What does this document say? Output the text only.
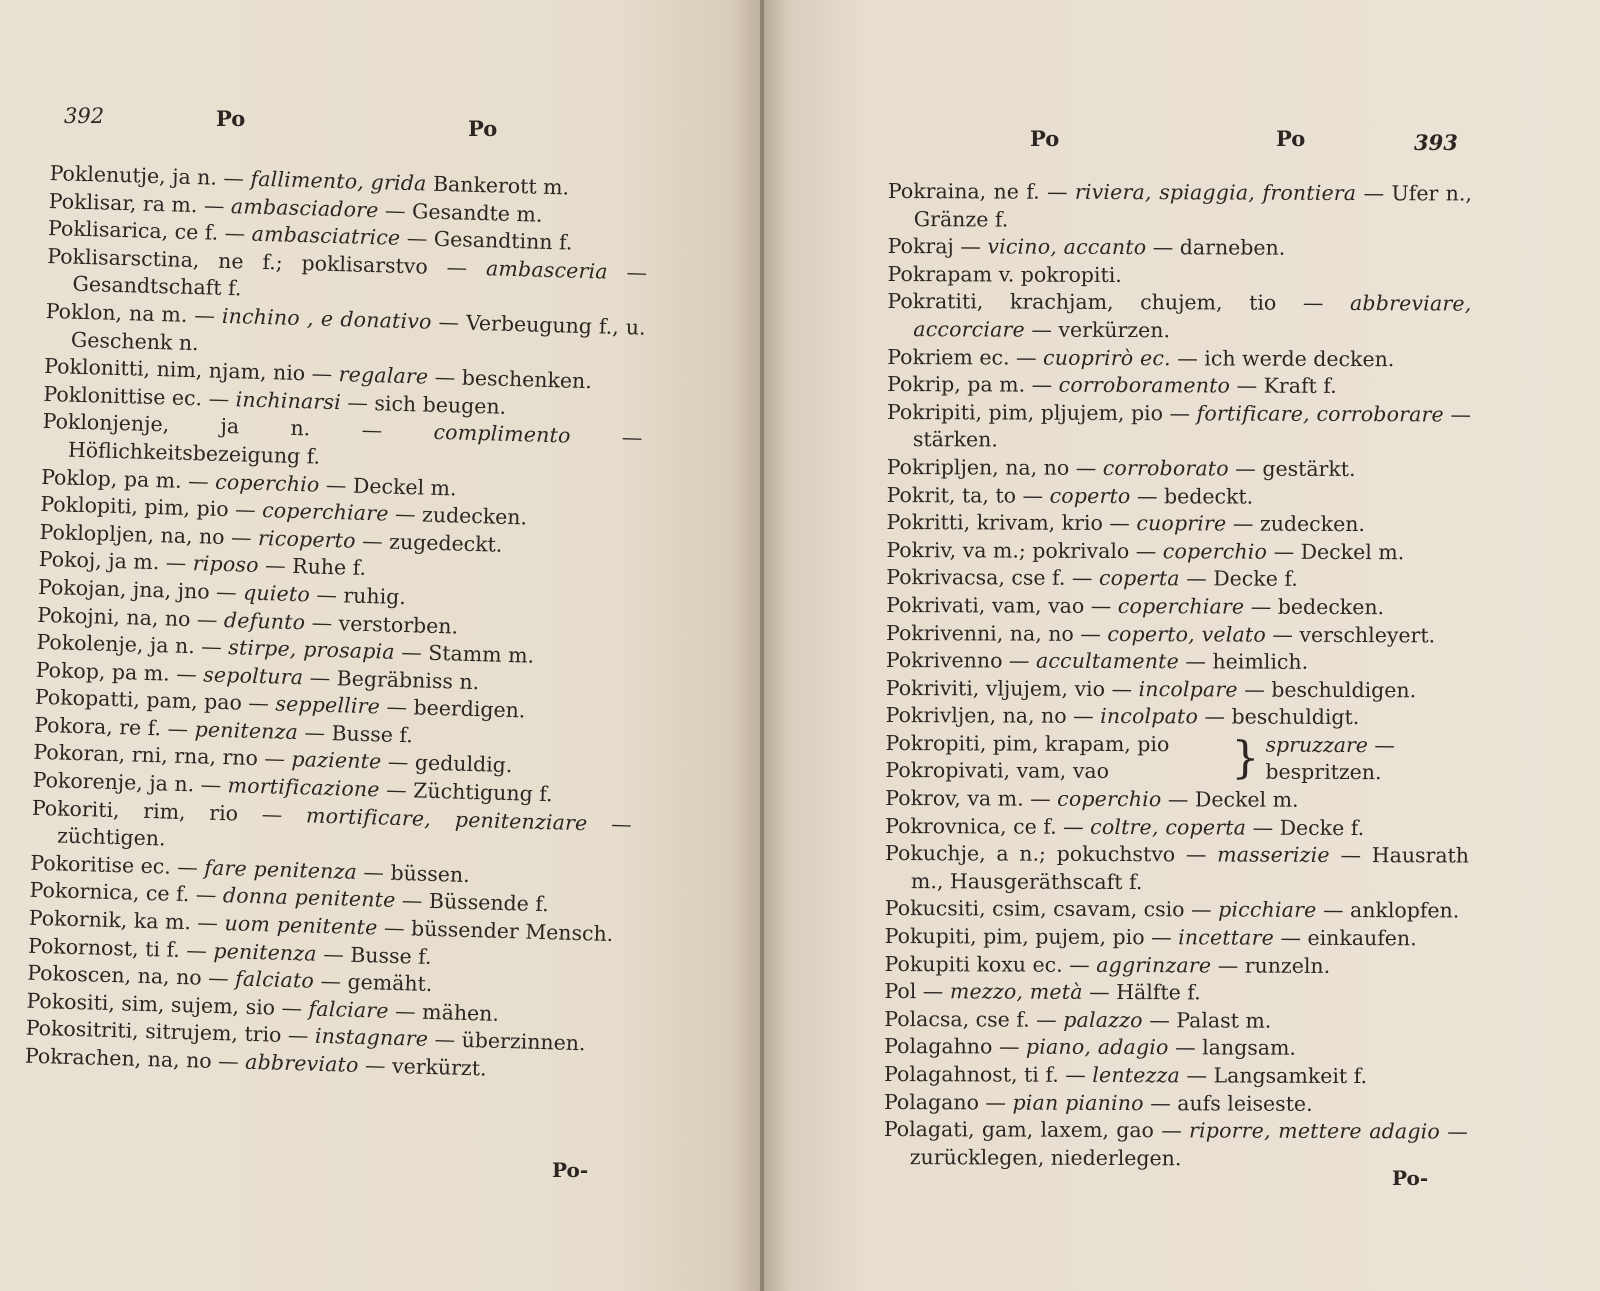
392	Po	Po
Poklenutje, ja n. — fallimento, grida Bankerott m.
Poklisar, ra m. — ambasciadore — Gesandte m.
Poklisarica, ce f. — ambasciatrice — Gesandtinn f.
Poklisarsctina, ne f.; poklisarstvo — ambasceria — Gesandtschaft f.
Poklon, na m. — inchino , e donativo — Verbeugung f., u. Geschenk n.
Poklonitti, nim, njam, nio — regalare — beschenken.
Poklonittise ec. — inchinarsi — sich beugen.
Poklonjenje, ja n. — complimento — Höflichkeitsbezeigung f.
Poklop, pa m. — coperchio — Deckel m.
Poklopiti, pim, pio — coperchiare — zudecken.
Poklopljen, na, no — ricoperto — zugedeckt.
Pokoj, ja m. — riposo — Ruhe f.
Pokojan, jna, jno — quieto — ruhig.
Pokojni, na, no — defunto — verstorben.
Pokolenje, ja n. — stirpe, prosapia — Stamm m.
Pokop, pa m. — sepoltura — Begräbniss n.
Pokopatti, pam, pao — seppellire — beerdigen.
Pokora, re f. — penitenza — Busse f.
Pokoran, rni, rna, rno — paziente — geduldig.
Pokorenje, ja n. — mortificazione — Züchtigung f.
Pokoriti, rim, rio — mortificare, penitenziare — züchtigen.
Pokoritise ec. — fare penitenza — büssen.
Pokornica, ce f. — donna penitente — Büssende f.
Pokornik, ka m. — uom penitente — büssender Mensch.
Pokornost, ti f. — penitenza — Busse f.
Pokoscen, na, no — falciato — gemäht.
Pokositi, sim, sujem, sio — falciare — mähen.
Pokositriti, sitrujem, trio — instagnare — überzinnen.
Pokrachen, na, no — abbreviato — verkürzt.
Po-
Po	Po	393
Pokraina, ne f. — riviera, spiaggia, frontiera — Ufer n., Gränze f.
Pokraj — vicino, accanto — darneben.
Pokrapam v. pokropiti.
Pokratiti, krachjam, chujem, tio — abbreviare, accorciare — verkürzen.
Pokriem ec. — cuoprirò ec. — ich werde decken.
Pokrip, pa m. — corroboramento — Kraft f.
Pokripiti, pim, pljujem, pio — fortificare, corroborare — stärken.
Pokripljen, na, no — corroborato — gestärkt.
Pokrit, ta, to — coperto — bedeckt.
Pokritti, krivam, krio — cuoprire — zudecken.
Pokriv, va m.; pokrivalo — coperchio — Deckel m.
Pokrivacsa, cse f. — coperta — Decke f.
Pokrivati, vam, vao — coperchiare — bedecken.
Pokrivenni, na, no — coperto, velato — verschleyert.
Pokrivenno — accultamente — heimlich.
Pokriviti, vljujem, vio — incolpare — beschuldigen.
Pokrivljen, na, no — incolpato — beschuldigt.
Pokropiti, pim, krapam, pio
Pokropivati, vam, vao	} spruzzare — bespritzen.
Pokrov, va m. — coperchio — Deckel m.
Pokrovnica, ce f. — coltre, coperta — Decke f.
Pokuchje, a n.; pokuchstvo — masserizie — Hausrath m., Hausgeräthscaft f.
Pokucsiti, csim, csavam, csio — picchiare — anklopfen.
Pokupiti, pim, pujem, pio — incettare — einkaufen.
Pokupiti koxu ec. — aggrinzare — runzeln.
Pol — mezzo, metà — Hälfte f.
Polacsa, cse f. — palazzo — Palast m.
Polagahno — piano, adagio — langsam.
Polagahnost, ti f. — lentezza — Langsamkeit f.
Polagano — pian pianino — aufs leiseste.
Polagati, gam, laxem, gao — riporre, mettere adagio — zurücklegen, niederlegen.
Po-
